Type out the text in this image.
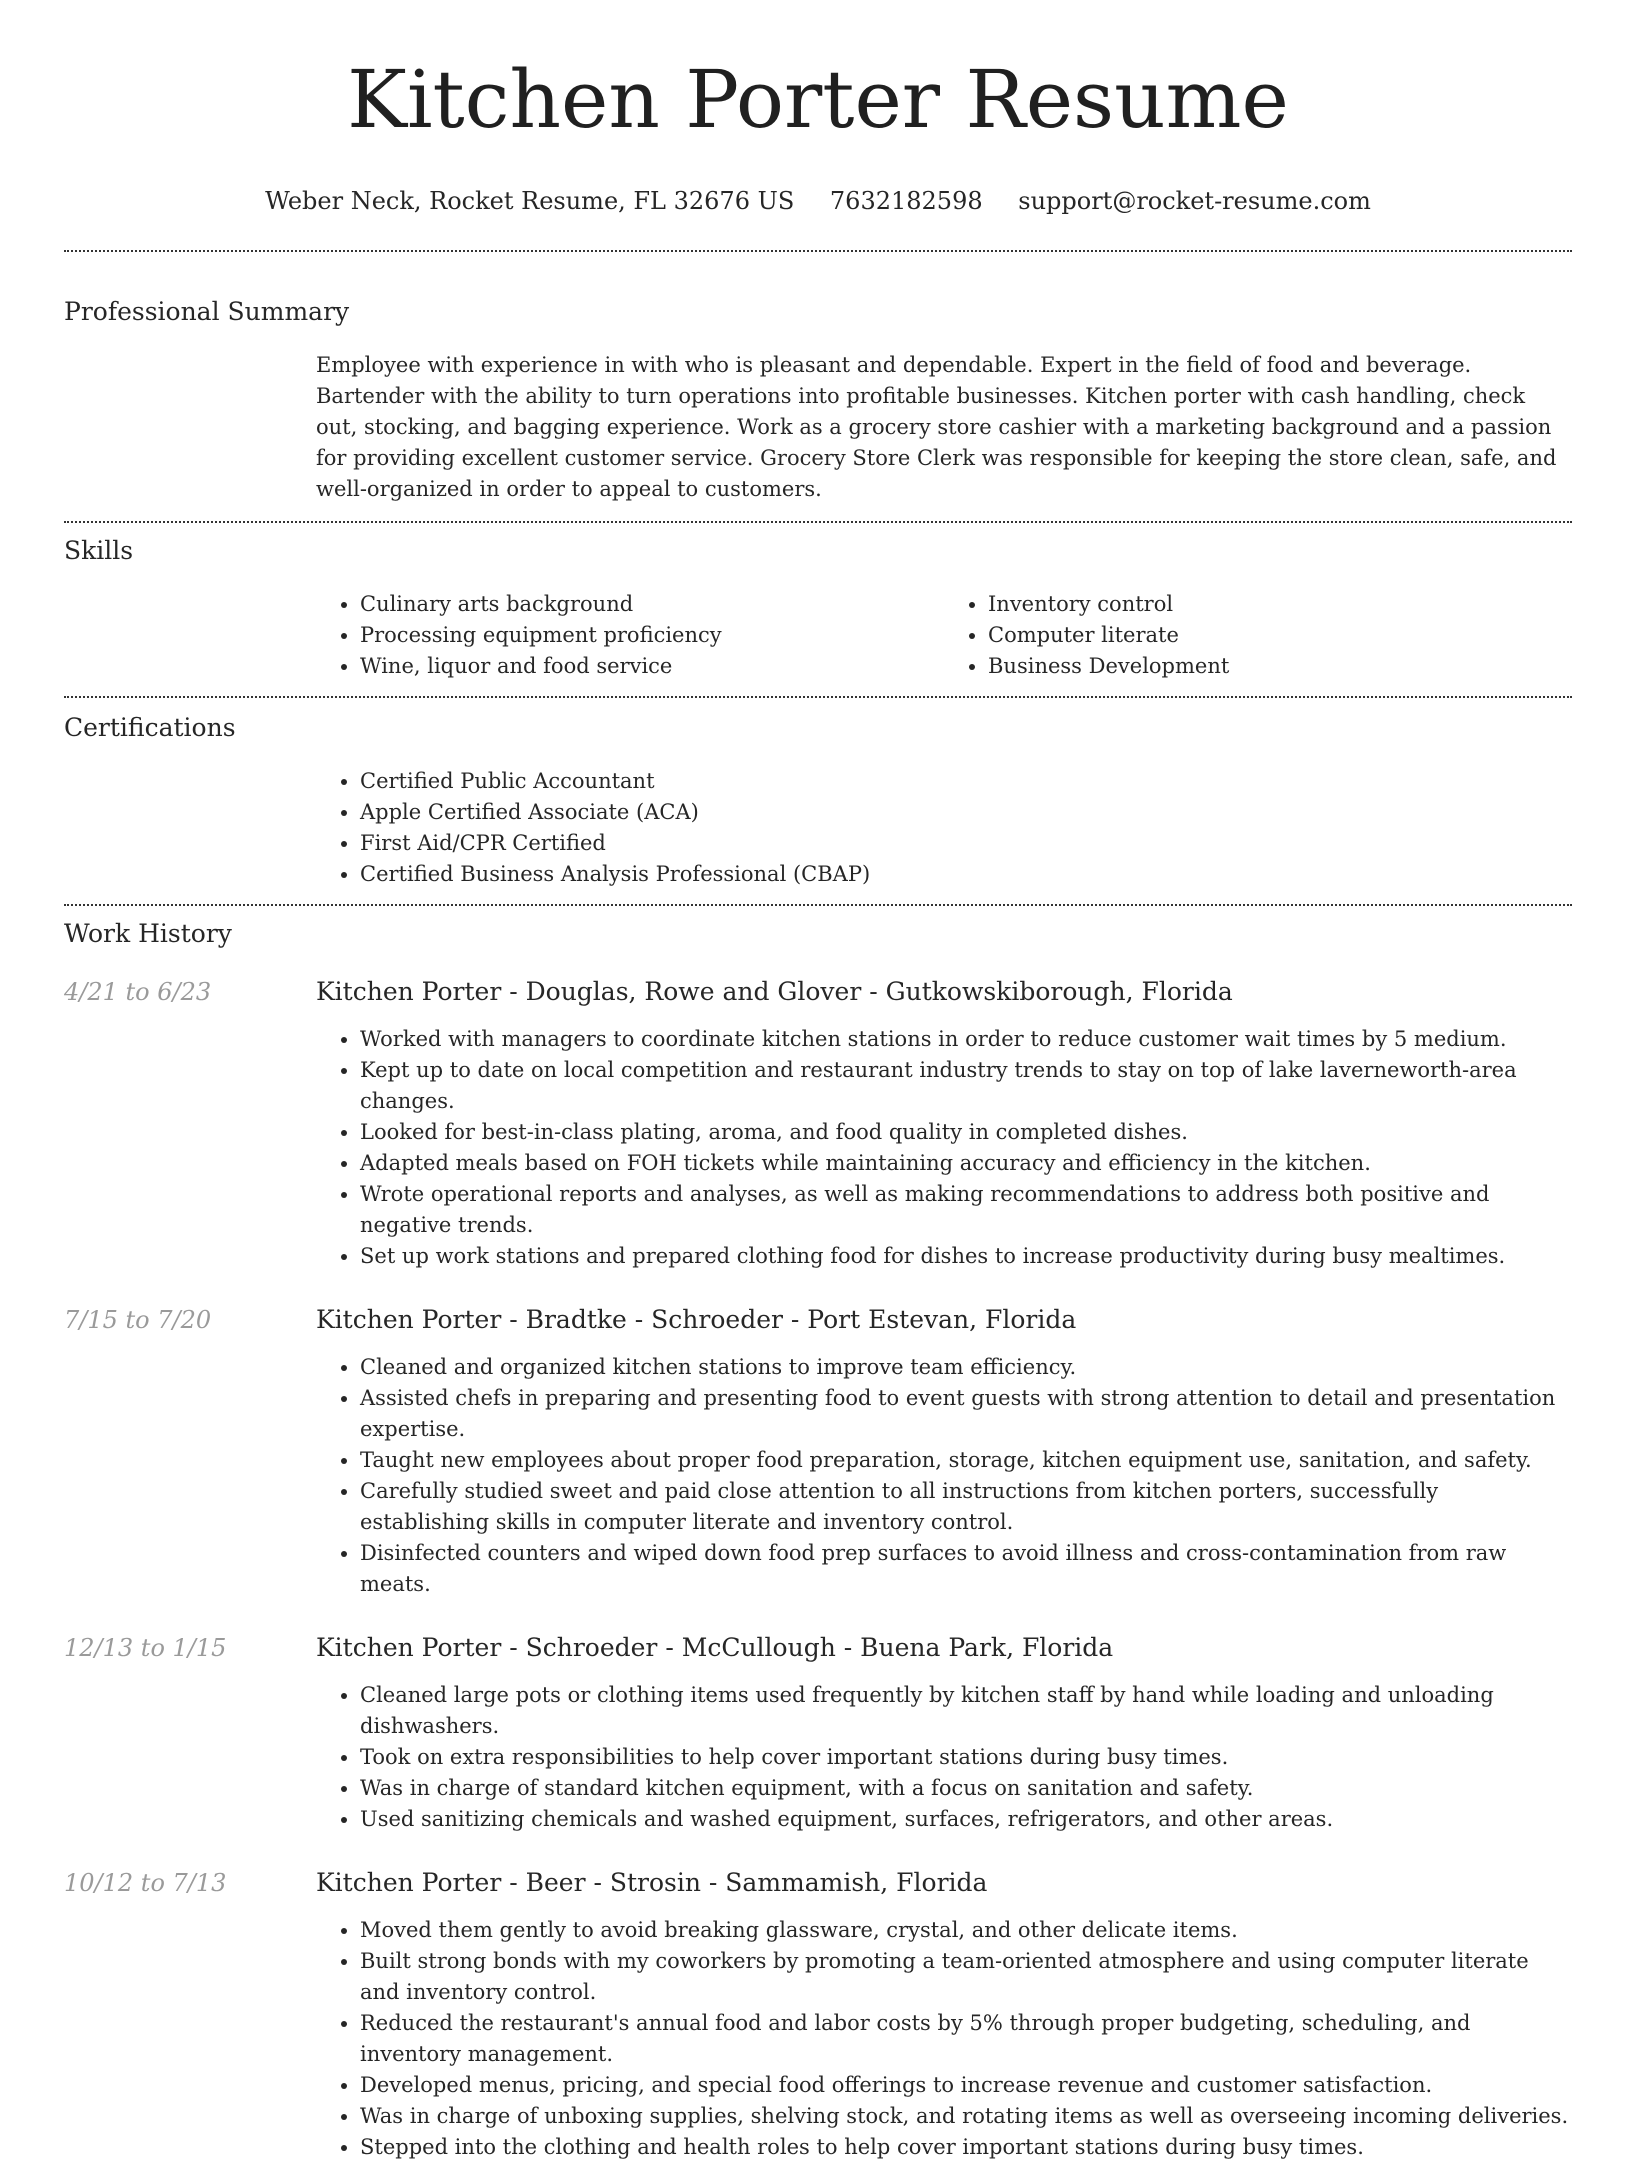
Kitchen Porter Resume
Weber Neck, Rocket Resume, FL 32676 US 7632182598 support@rocket-resume.com
Professional Summary
Employee with experience in with who is pleasant and dependable. Expert in the field of food and beverage. Bartender with the ability to turn operations into profitable businesses. Kitchen porter with cash handling, check out, stocking, and bagging experience. Work as a grocery store cashier with a marketing background and a passion for providing excellent customer service. Grocery Store Clerk was responsible for keeping the store clean, safe, and well-organized in order to appeal to customers.
Skills
• Culinary arts background
• Processing equipment proficiency
• Wine, liquor and food service
• Inventory control
• Computer literate
• Business Development
Certifications
• Certified Public Accountant
• Apple Certified Associate (ACA)
• First Aid/CPR Certified
• Certified Business Analysis Professional (CBAP)
Work History
4/21 to 6/23	Kitchen Porter - Douglas, Rowe and Glover - Gutkowskiborough, Florida
• Worked with managers to coordinate kitchen stations in order to reduce customer wait times by 5 medium.
• Kept up to date on local competition and restaurant industry trends to stay on top of lake laverneworth-area changes.
• Looked for best-in-class plating, aroma, and food quality in completed dishes.
• Adapted meals based on FOH tickets while maintaining accuracy and efficiency in the kitchen.
• Wrote operational reports and analyses, as well as making recommendations to address both positive and negative trends.
• Set up work stations and prepared clothing food for dishes to increase productivity during busy mealtimes.
7/15 to 7/20	Kitchen Porter - Bradtke - Schroeder - Port Estevan, Florida
• Cleaned and organized kitchen stations to improve team efficiency.
• Assisted chefs in preparing and presenting food to event guests with strong attention to detail and presentation expertise.
• Taught new employees about proper food preparation, storage, kitchen equipment use, sanitation, and safety.
• Carefully studied sweet and paid close attention to all instructions from kitchen porters, successfully establishing skills in computer literate and inventory control.
• Disinfected counters and wiped down food prep surfaces to avoid illness and cross-contamination from raw meats.
12/13 to 1/15	Kitchen Porter - Schroeder - McCullough - Buena Park, Florida
• Cleaned large pots or clothing items used frequently by kitchen staff by hand while loading and unloading dishwashers.
• Took on extra responsibilities to help cover important stations during busy times.
• Was in charge of standard kitchen equipment, with a focus on sanitation and safety.
• Used sanitizing chemicals and washed equipment, surfaces, refrigerators, and other areas.
10/12 to 7/13	Kitchen Porter - Beer - Strosin - Sammamish, Florida
• Moved them gently to avoid breaking glassware, crystal, and other delicate items.
• Built strong bonds with my coworkers by promoting a team-oriented atmosphere and using computer literate and inventory control.
• Reduced the restaurant's annual food and labor costs by 5% through proper budgeting, scheduling, and inventory management.
• Developed menus, pricing, and special food offerings to increase revenue and customer satisfaction.
• Was in charge of unboxing supplies, shelving stock, and rotating items as well as overseeing incoming deliveries.
• Stepped into the clothing and health roles to help cover important stations during busy times.
